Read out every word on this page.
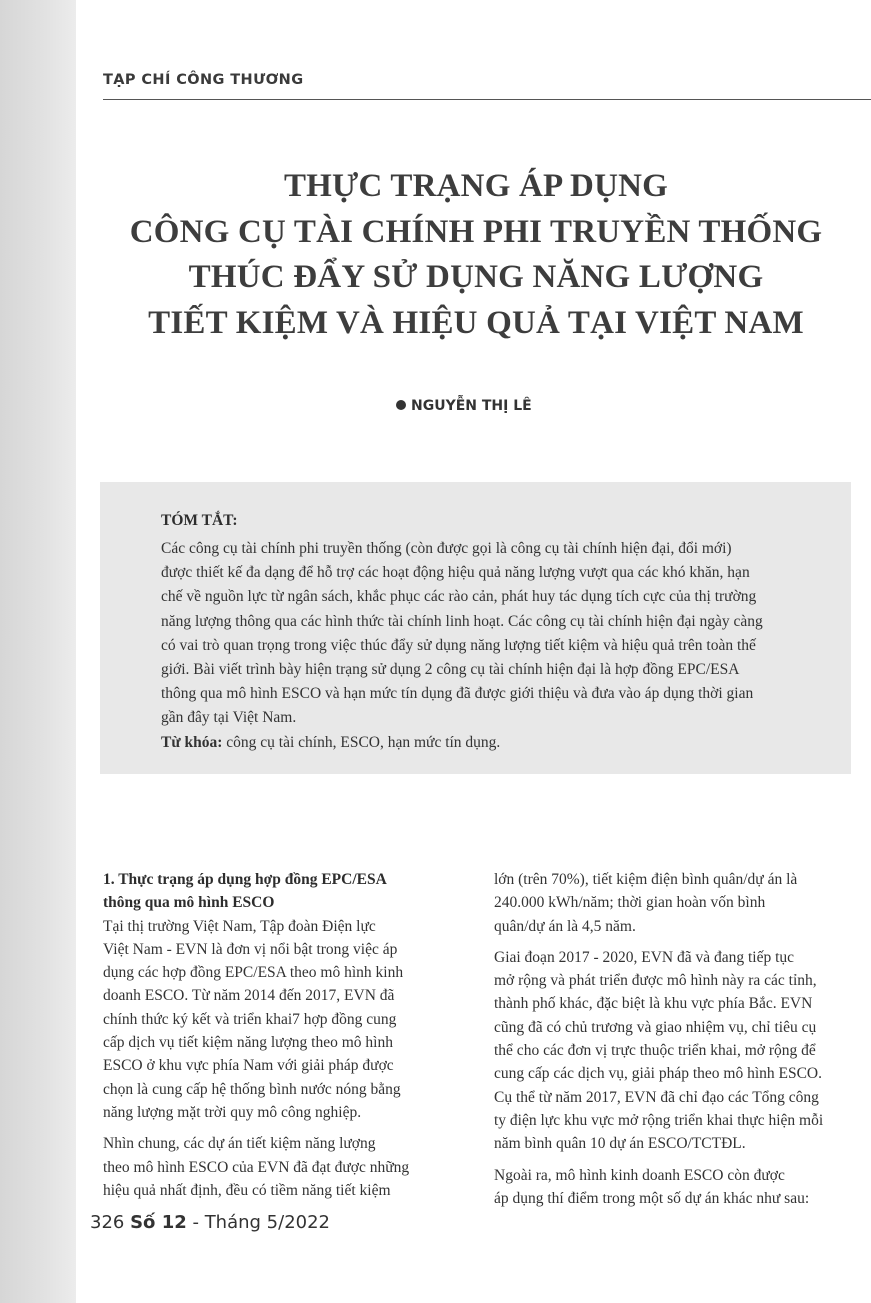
TẠP CHÍ CÔNG THƯƠNG
THỰC TRẠNG ÁP DỤNG
CÔNG CỤ TÀI CHÍNH PHI TRUYỀN THỐNG
THÚC ĐẨY SỬ DỤNG NĂNG LƯỢNG
TIẾT KIỆM VÀ HIỆU QUẢ TẠI VIỆT NAM
NGUYỄN THỊ LÊ
TÓM TẮT:
Các công cụ tài chính phi truyền thống (còn được gọi là công cụ tài chính hiện đại, đổi mới)
được thiết kế đa dạng để hỗ trợ các hoạt động hiệu quả năng lượng vượt qua các khó khăn, hạn
chế về nguồn lực từ ngân sách, khắc phục các rào cản, phát huy tác dụng tích cực của thị trường
năng lượng thông qua các hình thức tài chính linh hoạt. Các công cụ tài chính hiện đại ngày càng
có vai trò quan trọng trong việc thúc đẩy sử dụng năng lượng tiết kiệm và hiệu quả trên toàn thế
giới. Bài viết trình bày hiện trạng sử dụng 2 công cụ tài chính hiện đại là hợp đồng EPC/ESA
thông qua mô hình ESCO và hạn mức tín dụng đã được giới thiệu và đưa vào áp dụng thời gian
gần đây tại Việt Nam.
Từ khóa: công cụ tài chính, ESCO, hạn mức tín dụng.
1. Thực trạng áp dụng hợp đồng EPC/ESA
thông qua mô hình ESCO
Tại thị trường Việt Nam, Tập đoàn Điện lực
Việt Nam - EVN là đơn vị nổi bật trong việc áp
dụng các hợp đồng EPC/ESA theo mô hình kinh
doanh ESCO. Từ năm 2014 đến 2017, EVN đã
chính thức ký kết và triển khai7 hợp đồng cung
cấp dịch vụ tiết kiệm năng lượng theo mô hình
ESCO ở khu vực phía Nam với giải pháp được
chọn là cung cấp hệ thống bình nước nóng bằng
năng lượng mặt trời quy mô công nghiệp.
Nhìn chung, các dự án tiết kiệm năng lượng
theo mô hình ESCO của EVN đã đạt được những
hiệu quả nhất định, đều có tiềm năng tiết kiệm
lớn (trên 70%), tiết kiệm điện bình quân/dự án là
240.000 kWh/năm; thời gian hoàn vốn bình
quân/dự án là 4,5 năm.
Giai đoạn 2017 - 2020, EVN đã và đang tiếp tục
mở rộng và phát triển được mô hình này ra các tỉnh,
thành phố khác, đặc biệt là khu vực phía Bắc. EVN
cũng đã có chủ trương và giao nhiệm vụ, chỉ tiêu cụ
thể cho các đơn vị trực thuộc triển khai, mở rộng để
cung cấp các dịch vụ, giải pháp theo mô hình ESCO.
Cụ thể từ năm 2017, EVN đã chỉ đạo các Tổng công
ty điện lực khu vực mở rộng triển khai thực hiện mỗi
năm bình quân 10 dự án ESCO/TCTĐL.
Ngoài ra, mô hình kinh doanh ESCO còn được
áp dụng thí điểm trong một số dự án khác như sau:
326 Số 12 - Tháng 5/2022
